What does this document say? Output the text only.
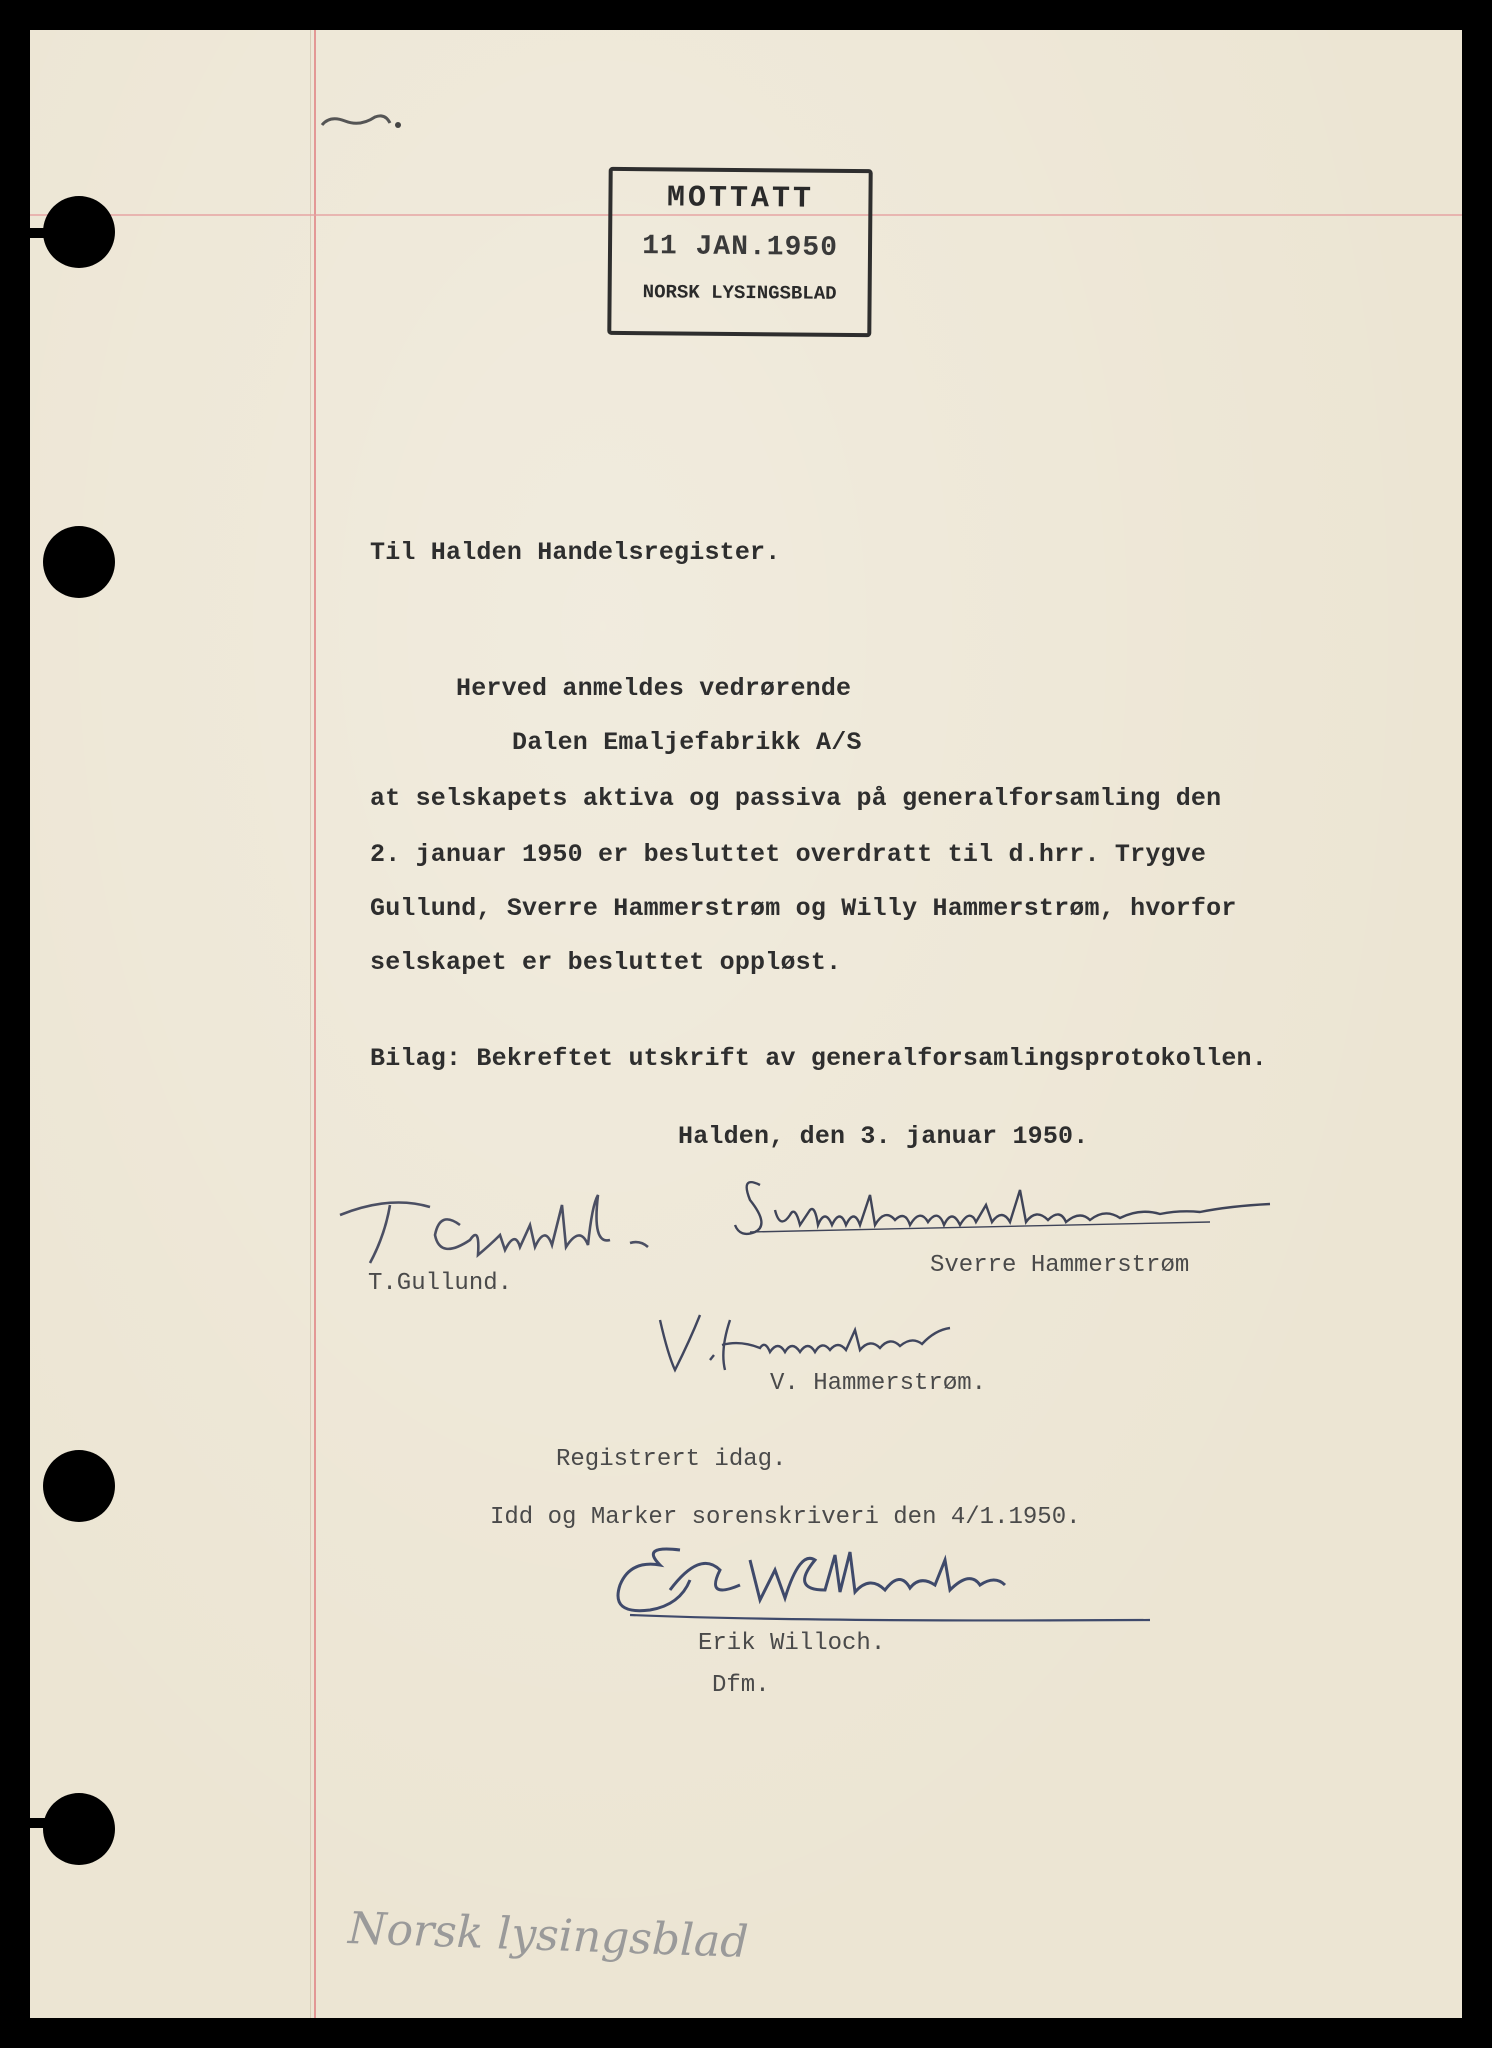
MOTTATT
11 JAN.1950
NORSK LYSINGSBLAD
Til Halden Handelsregister.
Herved anmeldes vedrørende
Dalen Emaljefabrikk A/S
at selskapets aktiva og passiva på generalforsamling den
2. januar 1950 er besluttet overdratt til d.hrr. Trygve
Gullund, Sverre Hammerstrøm og Willy Hammerstrøm, hvorfor
selskapet er besluttet oppløst.
Bilag: Bekreftet utskrift av generalforsamlingsprotokollen.
Halden, den 3. januar 1950.
T.Gullund.
Sverre Hammerstrøm
V. Hammerstrøm.
Registrert idag.
Idd og Marker sorenskriveri den 4/1.1950.
Erik Willoch.
Dfm.
Norsk lysingsblad
